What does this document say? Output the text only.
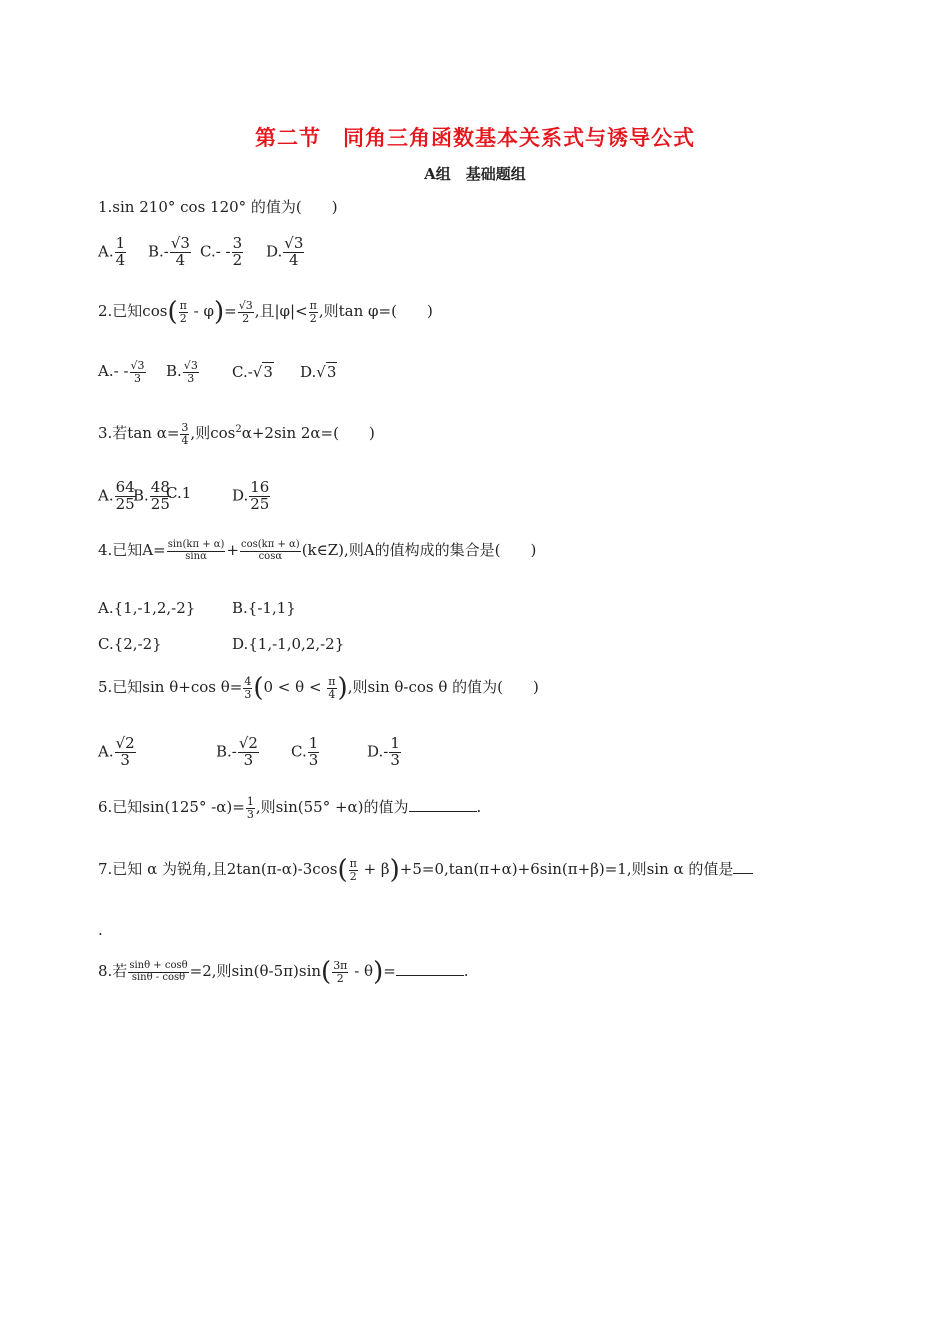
第二节　同角三角函数基本关系式与诱导公式
A组　基础题组
1.sin 210° cos 120° 的值为(　　)
A. $\frac{1}{4} B.- \frac{√3}{4} C.- - \frac{3}{2} D$. $\frac{√3}{4}$
2.已知$\cos( \frac{\pi}{2} - \varphi)= \frac{√3}{2}$ ,且$|\varphi|< \frac{\pi}{2}$ ,则tan φ=(　　)
$A.- - \frac{√3}{3} B$. $\frac{√3}{3} C.-√3$ D.√3
3.若$\tan \alpha= \frac{3}{4}$ ,则$\cos^2\alpha+2\sin$ 2α=(　　)
A. $\frac{64}{25}$
B. $\frac{48}{25}$
C.1	D. $\frac{16}{25}$
4.已知$A= \frac{\sin(k\pi + \alpha)}{\sin\alpha} + \frac{\cos(k\pi + \alpha)}{\cos\alpha}$ (k∈Z),则A的值构成的集合是(　　)
A.{1,-1,2,-2} B.{-1,1}
C.{2,-2}	D.{1,-1,0,2,-2}
5.已知sin θ+cos $\theta= \frac{4}{3} (0 < \theta < \frac{\pi}{4}$ ),则sin θ-cos θ 的值为(　　)
A. $\frac{√2}{3}$	$B.- \frac{√2}{3} C$. $\frac{1}{3}$	$D.- \frac{1}{3}$
6.已知sin(125° $-\alpha)= \frac{1}{3}$ ,则sin(55° +α)的值为	.
7.已知 α 为锐角,且$2\tan(\pi-\alpha)-3\cos( \frac{\pi}{2} + \beta)+5=0,\tan(\pi+\alpha)+6\sin(\pi+\beta)=1$,则sin α 的值是
.
8.若 $\frac{\sin\theta + \cos\theta}{\sin\theta - \cos\theta} =2$,则$\sin(\theta-5\pi)\sin( \frac{3\pi}{2} - \theta)=$	.
